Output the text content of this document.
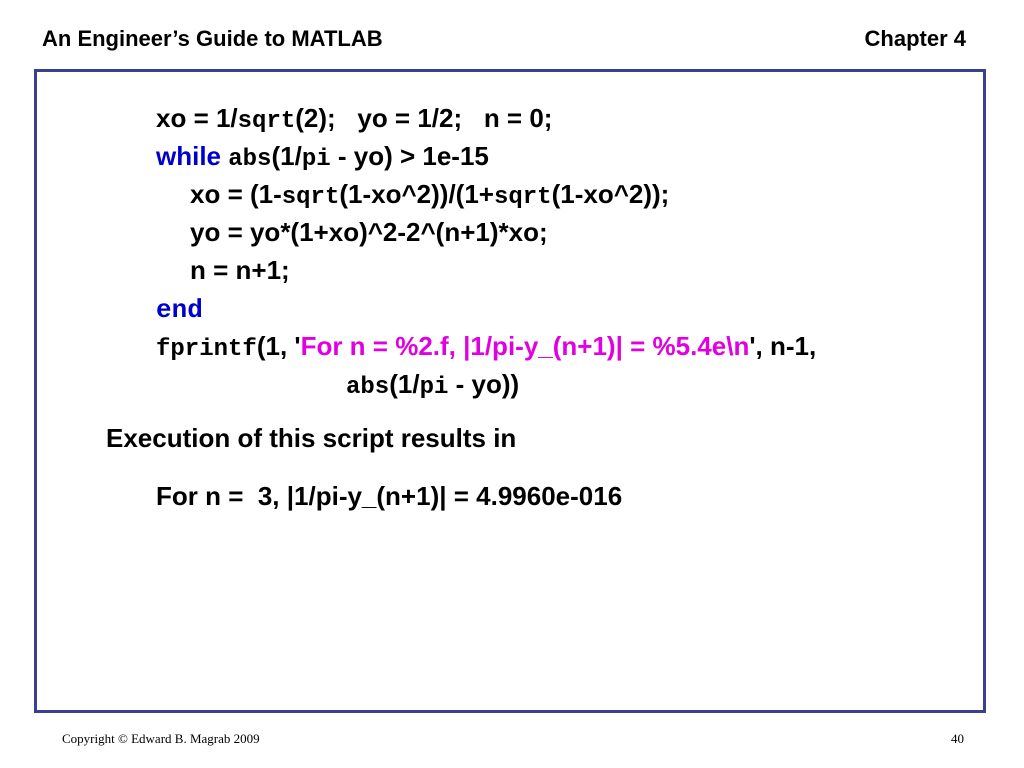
An Engineer’s Guide to MATLAB	Chapter 4

xo = 1/sqrt(2);   yo = 1/2;   n = 0;

while abs(1/pi - yo) > 1e-15

xo = (1-sqrt(1-xo^2))/(1+sqrt(1-xo^2));

yo = yo*(1+xo)^2-2^(n+1)*xo;

n = n+1;

end

fprintf(1, 'For n = %2.f, |1/pi-y_(n+1)| = %5.4e\n', n-1,

abs(1/pi - yo))

Execution of this script results in
For n =  3, |1/pi-y_(n+1)| = 4.9960e-016
Copyright © Edward B. Magrab 2009	40
